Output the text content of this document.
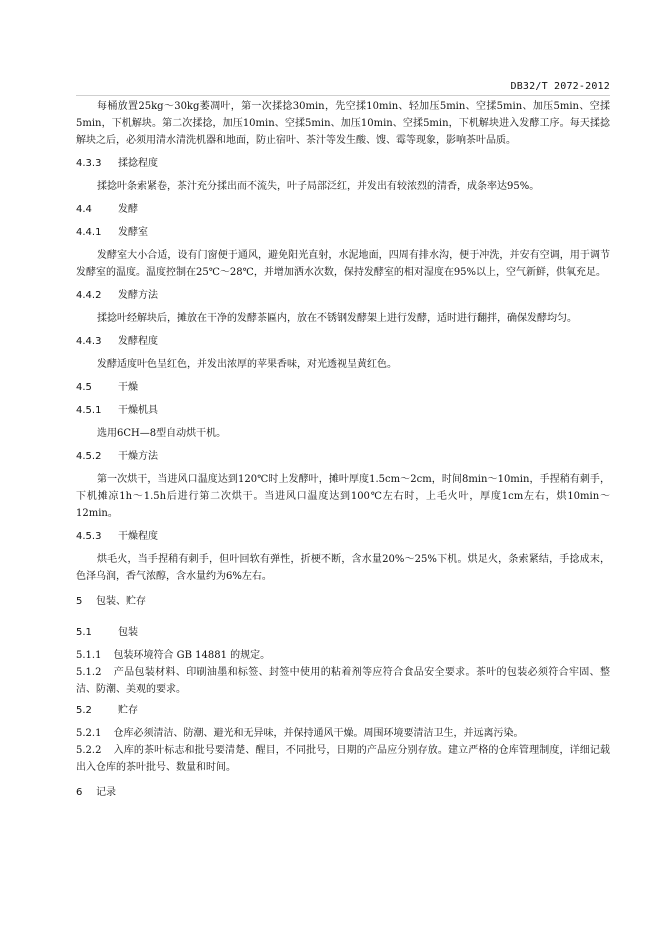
DB32/T 2072-2012

每桶放置25kg～30kg萎凋叶，第一次揉捻30min，先空揉10min、轻加压5min、空揉5min、加压5min、空揉5min，下机解块。第二次揉捻，加压10min、空揉5min、加压10min、空揉5min，下机解块进入发酵工序。每天揉捻解块之后，必须用清水清洗机器和地面，防止宿叶、茶汁等发生酸、馊、霉等现象，影响茶叶品质。

4.3.3 揉捻程度

揉捻叶条索紧卷，茶汁充分揉出而不流失，叶子局部泛红，并发出有较浓烈的清香，成条率达95%。

4.4	发酵

4.4.1 发酵室

发酵室大小合适，设有门窗便于通风，避免阳光直射，水泥地面，四周有排水沟，便于冲洗，并安有空调，用于调节发酵室的温度。温度控制在25℃～28℃，并增加洒水次数，保持发酵室的相对湿度在95%以上，空气新鲜，供氧充足。

4.4.2 发酵方法

揉捻叶经解块后，摊放在干净的发酵茶匾内，放在不锈钢发酵架上进行发酵，适时进行翻拌，确保发酵均匀。

4.4.3 发酵程度

发酵适度叶色呈红色，并发出浓厚的苹果香味，对光透视呈黄红色。

4.5	干燥

4.5.1 干燥机具

选用6CH—8型自动烘干机。

4.5.2 干燥方法

第一次烘干，当进风口温度达到120℃时上发酵叶，摊叶厚度1.5cm～2cm，时间8min～10min，手捏稍有刺手，下机摊凉1h～1.5h后进行第二次烘干。当进风口温度达到100℃左右时，上毛火叶，厚度1cm左右，烘10min～12min。

4.5.3 干燥程度

烘毛火，当手捏稍有刺手，但叶回软有弹性，折梗不断，含水量20%～25%下机。烘足火，条索紧结，手捻成末，色泽乌润，香气浓醇，含水量约为6%左右。

5 包装、贮存

5.1	包装

5.1.1 包装环境符合 GB 14881 的规定。

5.1.2 产品包装材料、印刷油墨和标签、封签中使用的粘着剂等应符合食品安全要求。茶叶的包装必须符合牢固、整洁、防潮、美观的要求。

5.2	贮存

5.2.1 仓库必须清洁、防潮、避光和无异味，并保持通风干燥。周围环境要清洁卫生，并远离污染。

5.2.2 入库的茶叶标志和批号要清楚、醒目，不同批号，日期的产品应分别存放。建立严格的仓库管理制度，详细记载出入仓库的茶叶批号、数量和时间。

6 记录
